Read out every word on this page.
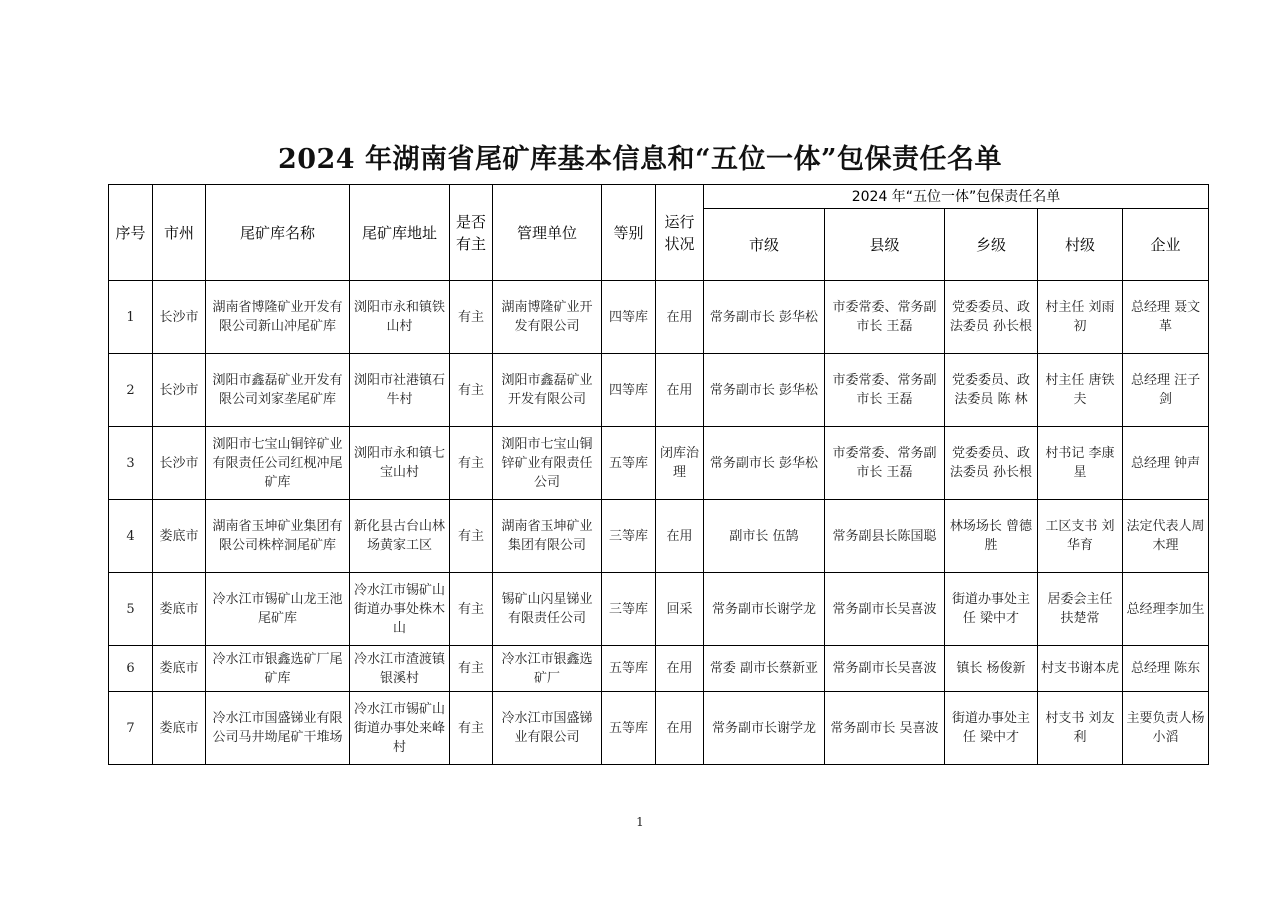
2024 年湖南省尾矿库基本信息和“五位一体”包保责任名单
序号	市州	尾矿库名称	尾矿库地址	是否有主	管理单位	等别	运行状况	2024 年“五位一体”包保责任名单				
								市级	县级	乡级	村级	企业
1	长沙市	湖南省博隆矿业开发有限公司新山冲尾矿库	浏阳市永和镇铁山村	有主	湖南博隆矿业开发有限公司	四等库	在用	常务副市长 彭华松	市委常委、常务副市长 王磊	党委委员、政法委员 孙长根	村主任 刘雨初	总经理 聂文革
2	长沙市	浏阳市鑫磊矿业开发有限公司刘家垄尾矿库	浏阳市社港镇石牛村	有主	浏阳市鑫磊矿业开发有限公司	四等库	在用	常务副市长 彭华松	市委常委、常务副市长 王磊	党委委员、政法委员 陈 林	村主任 唐铁夫	总经理 汪子剑
3	长沙市	浏阳市七宝山铜锌矿业有限责任公司红枧冲尾矿库	浏阳市永和镇七宝山村	有主	浏阳市七宝山铜锌矿业有限责任公司	五等库	闭库治理	常务副市长 彭华松	市委常委、常务副市长 王磊	党委委员、政法委员 孙长根	村书记 李康星	总经理 钟声
4	娄底市	湖南省玉坤矿业集团有限公司株梓洞尾矿库	新化县古台山林场黄家工区	有主	湖南省玉坤矿业集团有限公司	三等库	在用	副市长 伍鹄	常务副县长陈国聪	林场场长 曾德胜	工区支书 刘华育	法定代表人周木理
5	娄底市	冷水江市锡矿山龙王池尾矿库	冷水江市锡矿山街道办事处株木山	有主	锡矿山闪星锑业有限责任公司	三等库	回采	常务副市长谢学龙	常务副市长吴喜波	街道办事处主任 梁中才	居委会主任 扶楚常	总经理李加生
6	娄底市	冷水江市银鑫选矿厂尾矿库	冷水江市渣渡镇银溪村	有主	冷水江市银鑫选矿厂	五等库	在用	常委 副市长蔡新亚	常务副市长吴喜波	镇长 杨俊新	村支书谢本虎	总经理 陈东
7	娄底市	冷水江市国盛锑业有限公司马井坳尾矿干堆场	冷水江市锡矿山街道办事处来峰村	有主	冷水江市国盛锑业有限公司	五等库	在用	常务副市长谢学龙	常务副市长 吴喜波	街道办事处主任 梁中才	村支书 刘友利	主要负责人杨小滔
1
